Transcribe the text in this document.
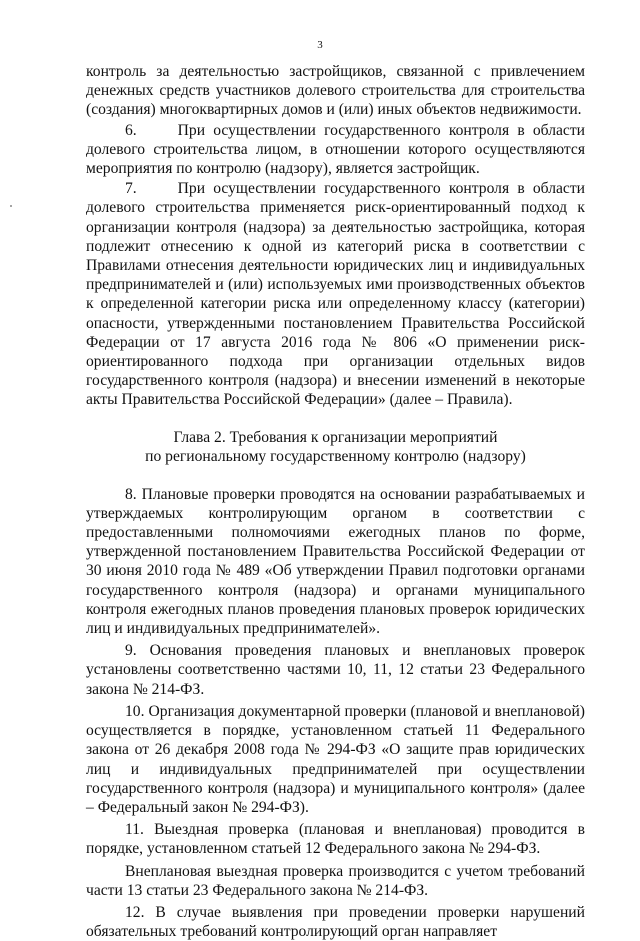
3

контроль за деятельностью застройщиков, связанной с привлечением денежных средств участников долевого строительства для строительства (создания) многоквартирных домов и (или) иных объектов недвижимости.

6.     При осуществлении государственного контроля в области долевого строительства лицом, в отношении которого осуществляются мероприятия по контролю (надзору), является застройщик.

7.     При осуществлении государственного контроля в области долевого строительства применяется риск-ориентированный подход к организации контроля (надзора) за деятельностью застройщика, которая подлежит отнесению к одной из категорий риска в соответствии с Правилами отнесения деятельности юридических лиц и индивидуальных предпринимателей и (или) используемых ими производственных объектов к определенной категории риска или определенному классу (категории) опасности, утвержденными постановлением Правительства Российской Федерации от 17 августа 2016 года № 806 «О применении риск-ориентированного подхода при организации отдельных видов государственного контроля (надзора) и внесении изменений в некоторые акты Правительства Российской Федерации» (далее – Правила).

Глава 2. Требования к организации мероприятий
по региональному государственному контролю (надзору)

8. Плановые проверки проводятся на основании разрабатываемых и утверждаемых контролирующим органом в соответствии с предоставленными полномочиями ежегодных планов по форме, утвержденной постановлением Правительства Российской Федерации от 30 июня 2010 года № 489 «Об утверждении Правил подготовки органами государственного контроля (надзора) и органами муниципального контроля ежегодных планов проведения плановых проверок юридических лиц и индивидуальных предпринимателей».

9. Основания проведения плановых и внеплановых проверок установлены соответственно частями 10, 11, 12 статьи 23 Федерального закона № 214-ФЗ.

10. Организация документарной проверки (плановой и внеплановой) осуществляется в порядке, установленном статьей 11 Федерального закона от 26 декабря 2008 года № 294-ФЗ «О защите прав юридических лиц и индивидуальных предпринимателей при осуществлении государственного контроля (надзора) и муниципального контроля» (далее – Федеральный закон № 294-ФЗ).

11. Выездная проверка (плановая и внеплановая) проводится в порядке, установленном статьей 12 Федерального закона № 294-ФЗ.

Внеплановая выездная проверка производится с учетом требований части 13 статьи 23 Федерального закона № 214-ФЗ.

12. В случае выявления при проведении проверки нарушений обязательных требований контролирующий орган направляет
